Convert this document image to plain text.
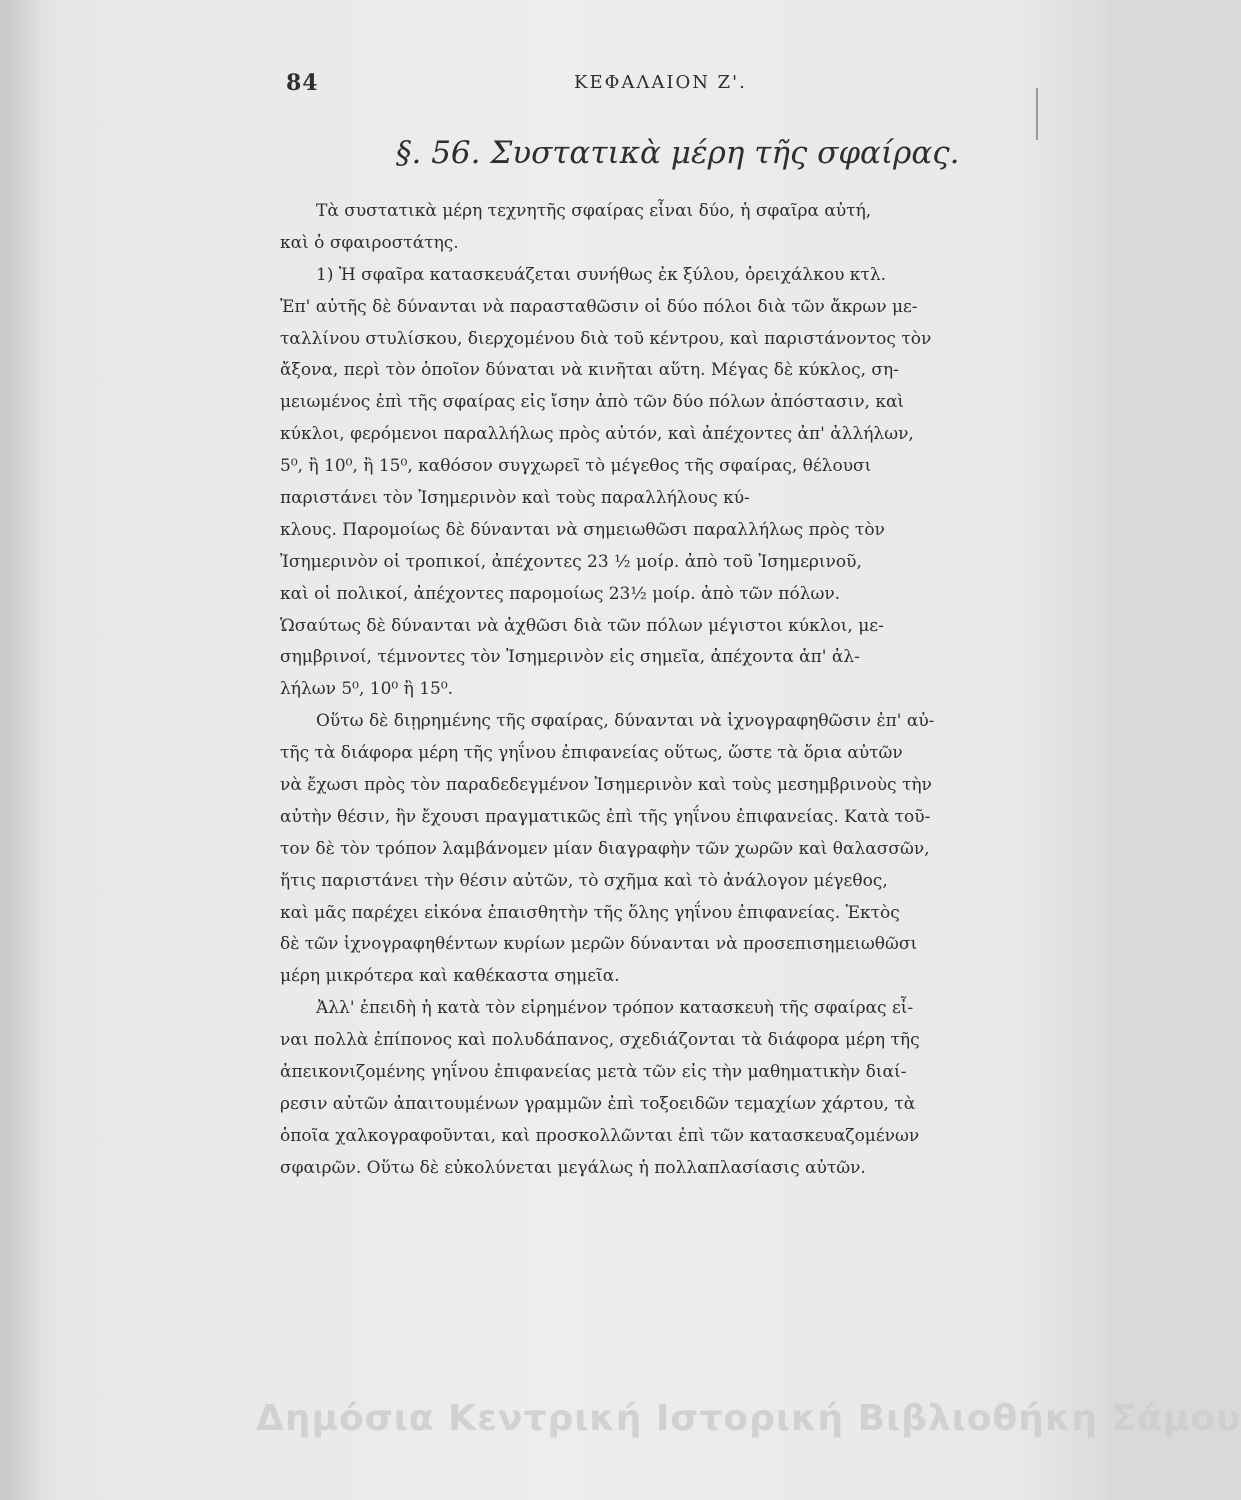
84	ΚΕΦΑΛΑΙΟΝ Ζ'.
§. 56. Συστατικὰ μέρη τῆς σφαίρας.
Τὰ συστατικὰ μέρη τεχνητῆς σφαίρας εἶναι δύο, ἡ σφαῖρα αὐτή,
καὶ ὁ σφαιροστάτης.
1) Ἡ σφαῖρα κατασκευάζεται συνήθως ἐκ ξύλου, ὀρειχάλκου κτλ.
Ἐπ' αὐτῆς δὲ δύνανται νὰ παρασταθῶσιν οἱ δύο πόλοι διὰ τῶν ἄκρων με-
ταλλίνου στυλίσκου, διερχομένου διὰ τοῦ κέντρου, καὶ παριστάνοντος τὸν
ἄξονα, περὶ τὸν ὁποῖον δύναται νὰ κινῆται αὕτη. Μέγας δὲ κύκλος, ση-
μειωμένος ἐπὶ τῆς σφαίρας εἰς ἴσην ἀπὸ τῶν δύο πόλων ἀπόστασιν, καὶ
κύκλοι, φερόμενοι παραλλήλως πρὸς αὐτόν, καὶ ἀπέχοντες ἀπ' ἀλλήλων,
5⁰, ἢ 10⁰, ἢ 15⁰, καθόσον συγχωρεῖ τὸ μέγεθος τῆς σφαίρας, θέλουσι
παριστάνει τὸν Ἰσημερινὸν καὶ τοὺς παραλλήλους κύ-
κλους. Παρομοίως δὲ δύνανται νὰ σημειωθῶσι παραλλήλως πρὸς τὸν
Ἰσημερινὸν οἱ τροπικοί, ἀπέχοντες 23 ½ μοίρ. ἀπὸ τοῦ Ἰσημερινοῦ,
καὶ οἱ πολικοί, ἀπέχοντες παρομοίως 23½ μοίρ. ἀπὸ τῶν πόλων.
Ὡσαύτως δὲ δύνανται νὰ ἀχθῶσι διὰ τῶν πόλων μέγιστοι κύκλοι, με-
σημβρινοί, τέμνοντες τὸν Ἰσημερινὸν εἰς σημεῖα, ἀπέχοντα ἀπ' ἀλ-
λήλων 5⁰, 10⁰ ἢ 15⁰.
Οὕτω δὲ διῃρημένης τῆς σφαίρας, δύνανται νὰ ἰχνογραφηθῶσιν ἐπ' αὐ-
τῆς τὰ διάφορα μέρη τῆς γηΐνου ἐπιφανείας οὕτως, ὥστε τὰ ὅρια αὐτῶν
νὰ ἔχωσι πρὸς τὸν παραδεδεγμένον Ἰσημερινὸν καὶ τοὺς μεσημβρινοὺς τὴν
αὐτὴν θέσιν, ἣν ἔχουσι πραγματικῶς ἐπὶ τῆς γηΐνου ἐπιφανείας. Κατὰ τοῦ-
τον δὲ τὸν τρόπον λαμβάνομεν μίαν διαγραφὴν τῶν χωρῶν καὶ θαλασσῶν,
ἥτις παριστάνει τὴν θέσιν αὐτῶν, τὸ σχῆμα καὶ τὸ ἀνάλογον μέγεθος,
καὶ μᾶς παρέχει εἰκόνα ἐπαισθητὴν τῆς ὅλης γηΐνου ἐπιφανείας. Ἐκτὸς
δὲ τῶν ἰχνογραφηθέντων κυρίων μερῶν δύνανται νὰ προσεπισημειωθῶσι
μέρη μικρότερα καὶ καθέκαστα σημεῖα.
Ἀλλ' ἐπειδὴ ἡ κατὰ τὸν εἰρημένον τρόπον κατασκευὴ τῆς σφαίρας εἶ-
ναι πολλὰ ἐπίπονος καὶ πολυδάπανος, σχεδιάζονται τὰ διάφορα μέρη τῆς
ἀπεικονιζομένης γηΐνου ἐπιφανείας μετὰ τῶν εἰς τὴν μαθηματικὴν διαί-
ρεσιν αὐτῶν ἀπαιτουμένων γραμμῶν ἐπὶ τοξοειδῶν τεμαχίων χάρτου, τὰ
ὁποῖα χαλκογραφοῦνται, καὶ προσκολλῶνται ἐπὶ τῶν κατασκευαζομένων
σφαιρῶν. Οὕτω δὲ εὐκολύνεται μεγάλως ἡ πολλαπλασίασις αὐτῶν.
Δημόσια Κεντρική Ιστορική Βιβλιοθήκη Σάμου
